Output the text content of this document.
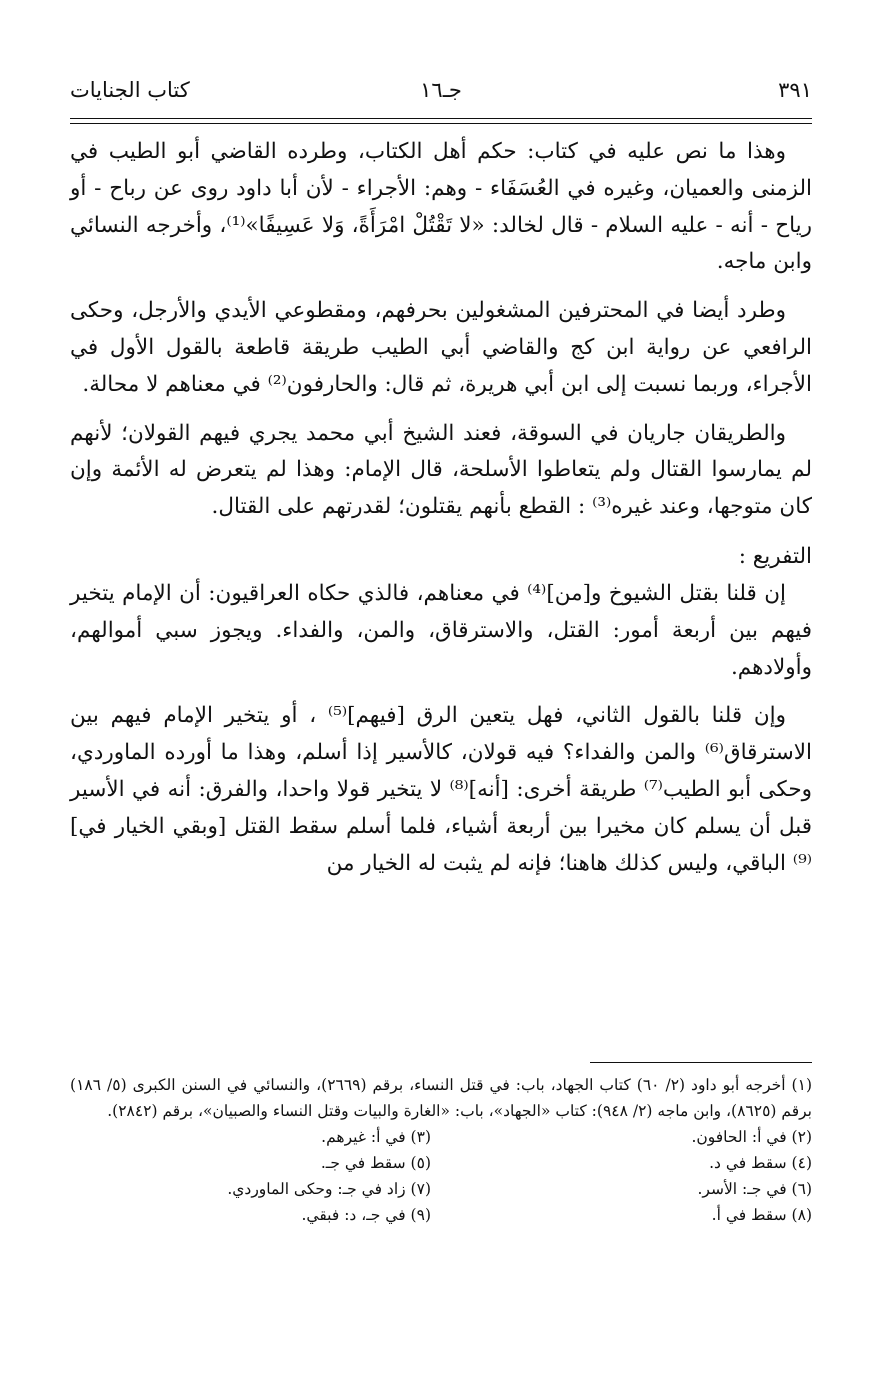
٣٩١
جـ١٦
كتاب الجنايات

وهذا ما نص عليه في كتاب: حكم أهل الكتاب، وطرده القاضي أبو الطيب في الزمنى والعميان، وغيره في العُسَفَاء - وهم: الأجراء - لأن أبا داود روى عن رباح - أو رياح - أنه - عليه السلام - قال لخالد: «لا تَقْتُلْ امْرَأَةً، وَلا عَسِيفًا»⁽¹⁾، وأخرجه النسائي وابن ماجه.

وطرد أيضا في المحترفين المشغولين بحرفهم، ومقطوعي الأيدي والأرجل، وحكى الرافعي عن رواية ابن كج والقاضي أبي الطيب طريقة قاطعة بالقول الأول في الأجراء، وربما نسبت إلى ابن أبي هريرة، ثم قال: والحارفون⁽²⁾ في معناهم لا محالة.

والطريقان جاريان في السوقة، فعند الشيخ أبي محمد يجري فيهم القولان؛ لأنهم لم يمارسوا القتال ولم يتعاطوا الأسلحة، قال الإمام: وهذا لم يتعرض له الأئمة وإن كان متوجها، وعند غيره⁽³⁾ : القطع بأنهم يقتلون؛ لقدرتهم على القتال.

التفريع :

إن قلنا بقتل الشيوخ و[من]⁽⁴⁾ في معناهم، فالذي حكاه العراقيون: أن الإمام يتخير فيهم بين أربعة أمور: القتل، والاسترقاق، والمن، والفداء. ويجوز سبي أموالهم، وأولادهم.

وإن قلنا بالقول الثاني، فهل يتعين الرق [فيهم]⁽⁵⁾ ، أو يتخير الإمام فيهم بين الاسترقاق⁽⁶⁾ والمن والفداء؟ فيه قولان، كالأسير إذا أسلم، وهذا ما أورده الماوردي، وحكى أبو الطيب⁽⁷⁾ طريقة أخرى: [أنه]⁽⁸⁾ لا يتخير قولا واحدا، والفرق: أنه في الأسير قبل أن يسلم كان مخيرا بين أربعة أشياء، فلما أسلم سقط القتل [وبقي الخيار في]⁽⁹⁾ الباقي، وليس كذلك هاهنا؛ فإنه لم يثبت له الخيار من

(١) أخرجه أبو داود (٢/ ٦٠) كتاب الجهاد، باب: في قتل النساء، برقم (٢٦٦٩)، والنسائي في السنن الكبرى (٥/ ١٨٦) برقم (٨٦٢٥)، وابن ماجه (٢/ ٩٤٨): كتاب «الجهاد»، باب: «الغارة والبيات وقتل النساء والصبيان»، برقم (٢٨٤٢).
(٢) في أ: الحافون.
(٣) في أ: غيرهم.
(٤) سقط في د.
(٥) سقط في جـ.
(٦) في جـ: الأسر.
(٧) زاد في جـ: وحكى الماوردي.
(٨) سقط في أ.
(٩) في جـ، د: فبقي.
